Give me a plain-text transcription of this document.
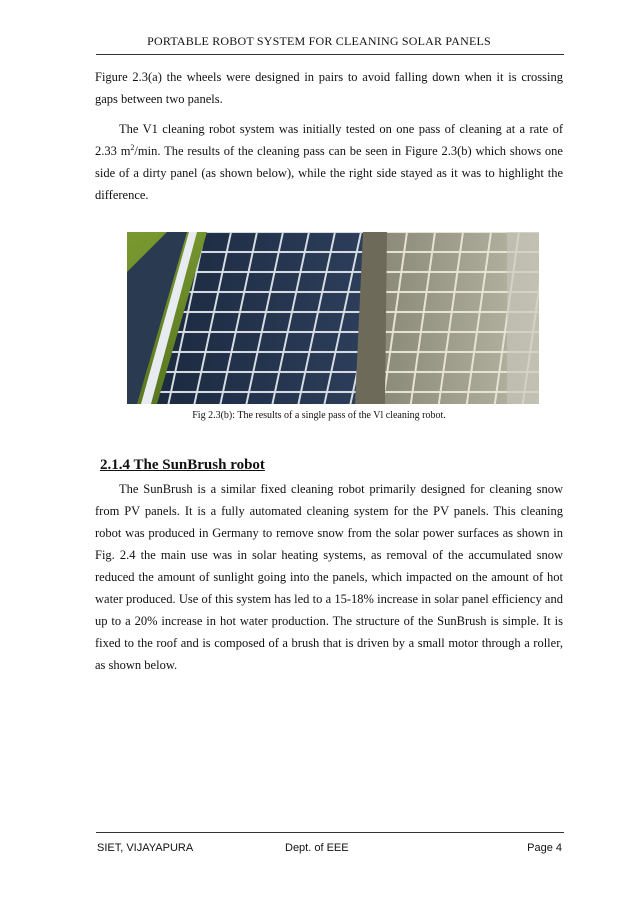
PORTABLE ROBOT SYSTEM FOR CLEANING SOLAR PANELS
Figure 2.3(a) the wheels were designed in pairs to avoid falling down when it is crossing gaps between two panels.
The V1 cleaning robot system was initially tested on one pass of cleaning at a rate of 2.33 $m^2/\min$. The results of the cleaning pass can be seen in Figure 2.3(b) which shows one side of a dirty panel (as shown below), while the right side stayed as it was to highlight the difference.
Fig 2.3(b): The results of a single pass of the Vl cleaning robot.
2.1.4 The SunBrush robot
The SunBrush is a similar fixed cleaning robot primarily designed for cleaning snow from PV panels. It is a fully automated cleaning system for the PV panels. This cleaning robot was produced in Germany to remove snow from the solar power surfaces as shown in Fig. 2.4 the main use was in solar heating systems, as removal of the accumulated snow reduced the amount of sunlight going into the panels, which impacted on the amount of hot water produced. Use of this system has led to a 15-18% increase in solar panel efficiency and up to a 20% increase in hot water production. The structure of the SunBrush is simple. It is fixed to the roof and is composed of a brush that is driven by a small motor through a roller, as shown below.
SIET, VIJAYAPURA	Dept. of EEE	Page 4
